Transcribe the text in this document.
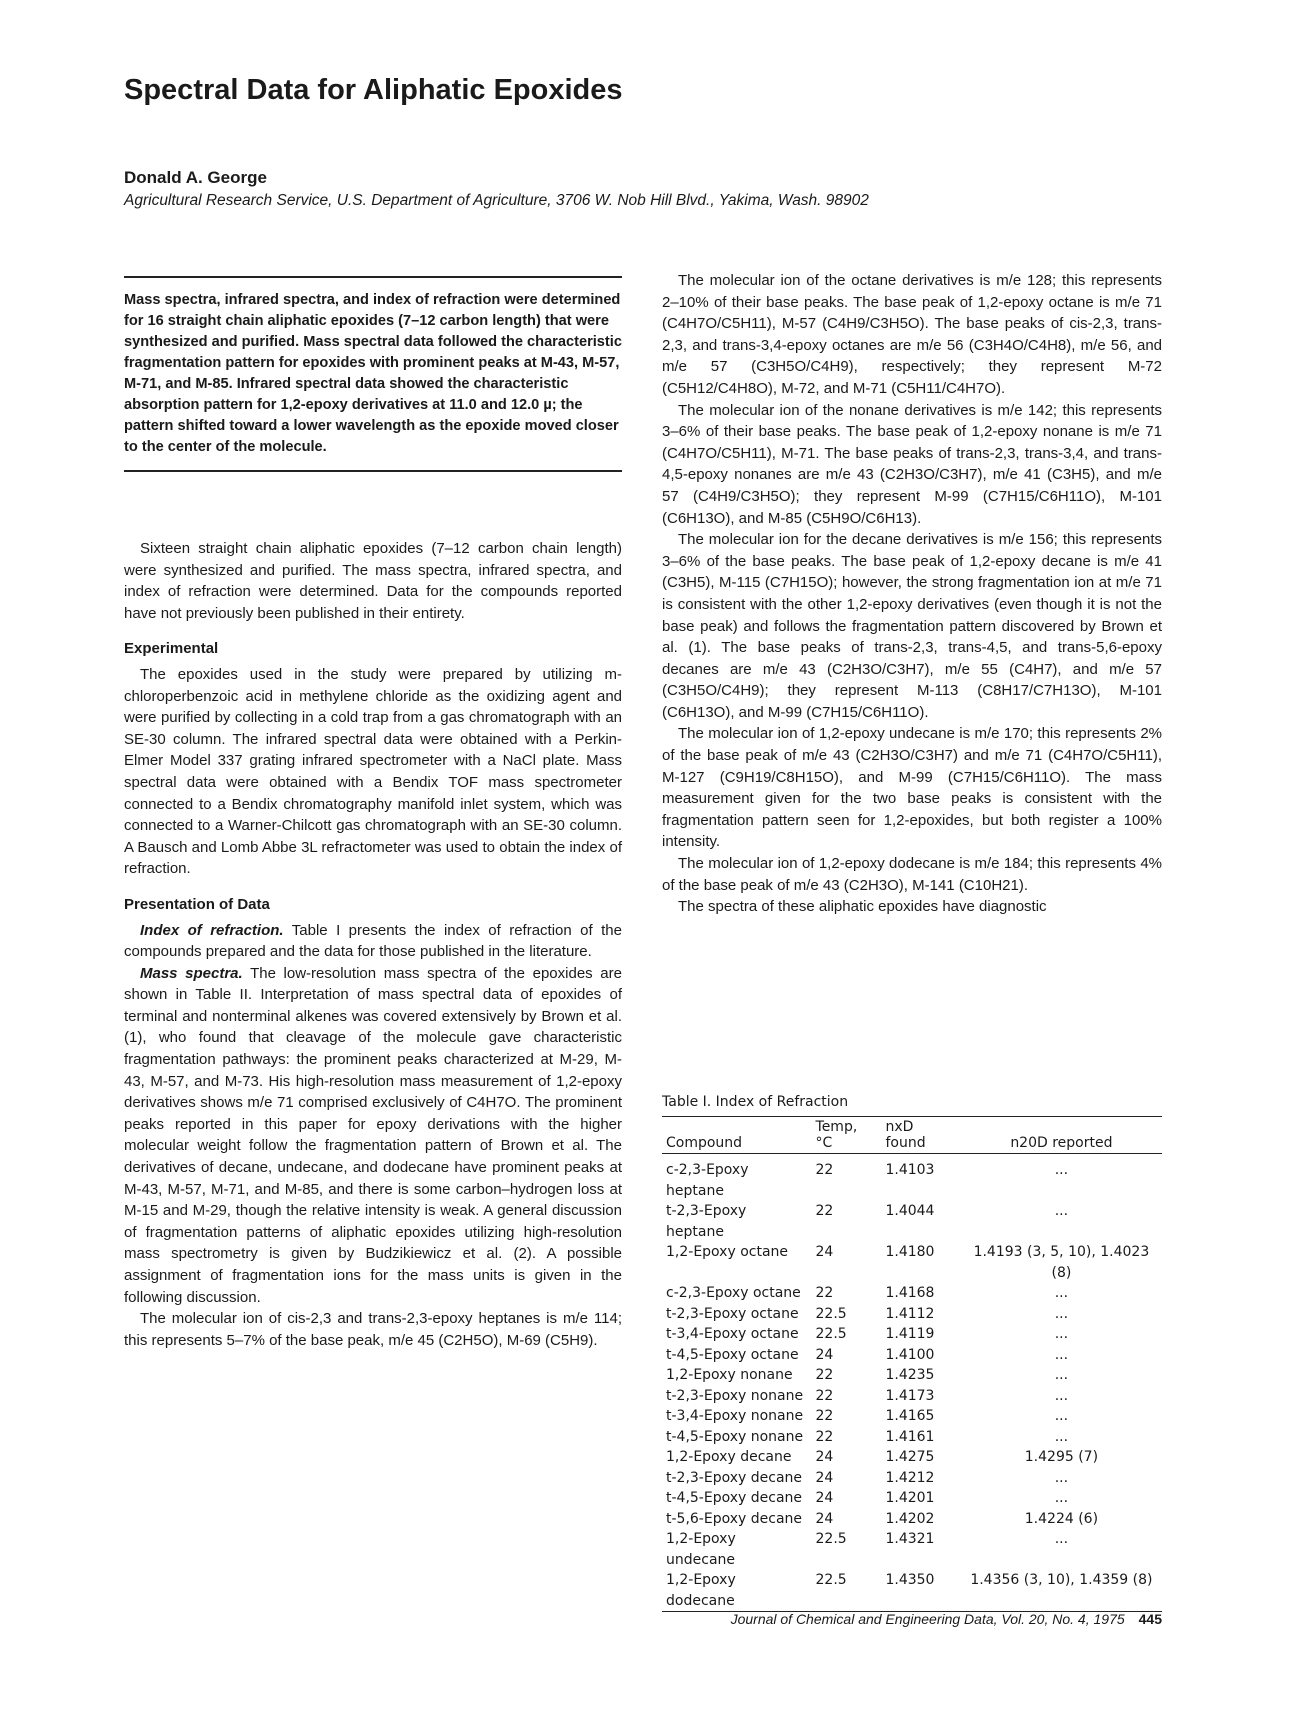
Spectral Data for Aliphatic Epoxides
Donald A. George
Agricultural Research Service, U.S. Department of Agriculture, 3706 W. Nob Hill Blvd., Yakima, Wash. 98902
Mass spectra, infrared spectra, and index of refraction were determined for 16 straight chain aliphatic epoxides (7–12 carbon length) that were synthesized and purified. Mass spectral data followed the characteristic fragmentation pattern for epoxides with prominent peaks at M-43, M-57, M-71, and M-85. Infrared spectral data showed the characteristic absorption pattern for 1,2-epoxy derivatives at 11.0 and 12.0 µ; the pattern shifted toward a lower wavelength as the epoxide moved closer to the center of the molecule.

Sixteen straight chain aliphatic epoxides (7–12 carbon chain length) were synthesized and purified. The mass spectra, infrared spectra, and index of refraction were determined. Data for the compounds reported have not previously been published in their entirety.

Experimental

The epoxides used in the study were prepared by utilizing m-chloroperbenzoic acid in methylene chloride as the oxidizing agent and were purified by collecting in a cold trap from a gas chromatograph with an SE-30 column. The infrared spectral data were obtained with a Perkin-Elmer Model 337 grating infrared spectrometer with a NaCl plate. Mass spectral data were obtained with a Bendix TOF mass spectrometer connected to a Bendix chromatography manifold inlet system, which was connected to a Warner-Chilcott gas chromatograph with an SE-30 column. A Bausch and Lomb Abbe 3L refractometer was used to obtain the index of refraction.

Presentation of Data

Index of refraction. Table I presents the index of refraction of the compounds prepared and the data for those published in the literature.

Mass spectra. The low-resolution mass spectra of the epoxides are shown in Table II. Interpretation of mass spectral data of epoxides of terminal and nonterminal alkenes was covered extensively by Brown et al. (1), who found that cleavage of the molecule gave characteristic fragmentation pathways: the prominent peaks characterized at M-29, M-43, M-57, and M-73. His high-resolution mass measurement of 1,2-epoxy derivatives shows m/e 71 comprised exclusively of C4H7O. The prominent peaks reported in this paper for epoxy derivations with the higher molecular weight follow the fragmentation pattern of Brown et al. The derivatives of decane, undecane, and dodecane have prominent peaks at M-43, M-57, M-71, and M-85, and there is some carbon–hydrogen loss at M-15 and M-29, though the relative intensity is weak. A general discussion of fragmentation patterns of aliphatic epoxides utilizing high-resolution mass spectrometry is given by Budzikiewicz et al. (2). A possible assignment of fragmentation ions for the mass units is given in the following discussion.

The molecular ion of cis-2,3 and trans-2,3-epoxy heptanes is m/e 114; this represents 5–7% of the base peak, m/e 45 (C2H5O), M-69 (C5H9).

The molecular ion of the octane derivatives is m/e 128; this represents 2–10% of their base peaks. The base peak of 1,2-epoxy octane is m/e 71 (C4H7O/C5H11), M-57 (C4H9/C3H5O). The base peaks of cis-2,3, trans-2,3, and trans-3,4-epoxy octanes are m/e 56 (C3H4O/C4H8), m/e 56, and m/e 57 (C3H5O/C4H9), respectively; they represent M-72 (C5H12/C4H8O), M-72, and M-71 (C5H11/C4H7O).

The molecular ion of the nonane derivatives is m/e 142; this represents 3–6% of their base peaks. The base peak of 1,2-epoxy nonane is m/e 71 (C4H7O/C5H11), M-71. The base peaks of trans-2,3, trans-3,4, and trans-4,5-epoxy nonanes are m/e 43 (C2H3O/C3H7), m/e 41 (C3H5), and m/e 57 (C4H9/C3H5O); they represent M-99 (C7H15/C6H11O), M-101 (C6H13O), and M-85 (C5H9O/C6H13).

The molecular ion for the decane derivatives is m/e 156; this represents 3–6% of the base peaks. The base peak of 1,2-epoxy decane is m/e 41 (C3H5), M-115 (C7H15O); however, the strong fragmentation ion at m/e 71 is consistent with the other 1,2-epoxy derivatives (even though it is not the base peak) and follows the fragmentation pattern discovered by Brown et al. (1). The base peaks of trans-2,3, trans-4,5, and trans-5,6-epoxy decanes are m/e 43 (C2H3O/C3H7), m/e 55 (C4H7), and m/e 57 (C3H5O/C4H9); they represent M-113 (C8H17/C7H13O), M-101 (C6H13O), and M-99 (C7H15/C6H11O).

The molecular ion of 1,2-epoxy undecane is m/e 170; this represents 2% of the base peak of m/e 43 (C2H3O/C3H7) and m/e 71 (C4H7O/C5H11), M-127 (C9H19/C8H15O), and M-99 (C7H15/C6H11O). The mass measurement given for the two base peaks is consistent with the fragmentation pattern seen for 1,2-epoxides, but both register a 100% intensity.

The molecular ion of 1,2-epoxy dodecane is m/e 184; this represents 4% of the base peak of m/e 43 (C2H3O), M-141 (C10H21).

The spectra of these aliphatic epoxides have diagnostic

Table I. Index of Refraction
Compound	Temp, °C	nxD found	n20D reported
c-2,3-Epoxy heptane	22	1.4103	...
t-2,3-Epoxy heptane	22	1.4044	...
1,2-Epoxy octane	24	1.4180	1.4193 (3, 5, 10), 1.4023 (8)
c-2,3-Epoxy octane	22	1.4168	...
t-2,3-Epoxy octane	22.5	1.4112	...
t-3,4-Epoxy octane	22.5	1.4119	...
t-4,5-Epoxy octane	24	1.4100	...
1,2-Epoxy nonane	22	1.4235	...
t-2,3-Epoxy nonane	22	1.4173	...
t-3,4-Epoxy nonane	22	1.4165	...
t-4,5-Epoxy nonane	22	1.4161	...
1,2-Epoxy decane	24	1.4275	1.4295 (7)
t-2,3-Epoxy decane	24	1.4212	...
t-4,5-Epoxy decane	24	1.4201	...
t-5,6-Epoxy decane	24	1.4202	1.4224 (6)
1,2-Epoxy undecane	22.5	1.4321	...
1,2-Epoxy dodecane	22.5	1.4350	1.4356 (3, 10), 1.4359 (8)
Journal of Chemical and Engineering Data, Vol. 20, No. 4, 1975 445
